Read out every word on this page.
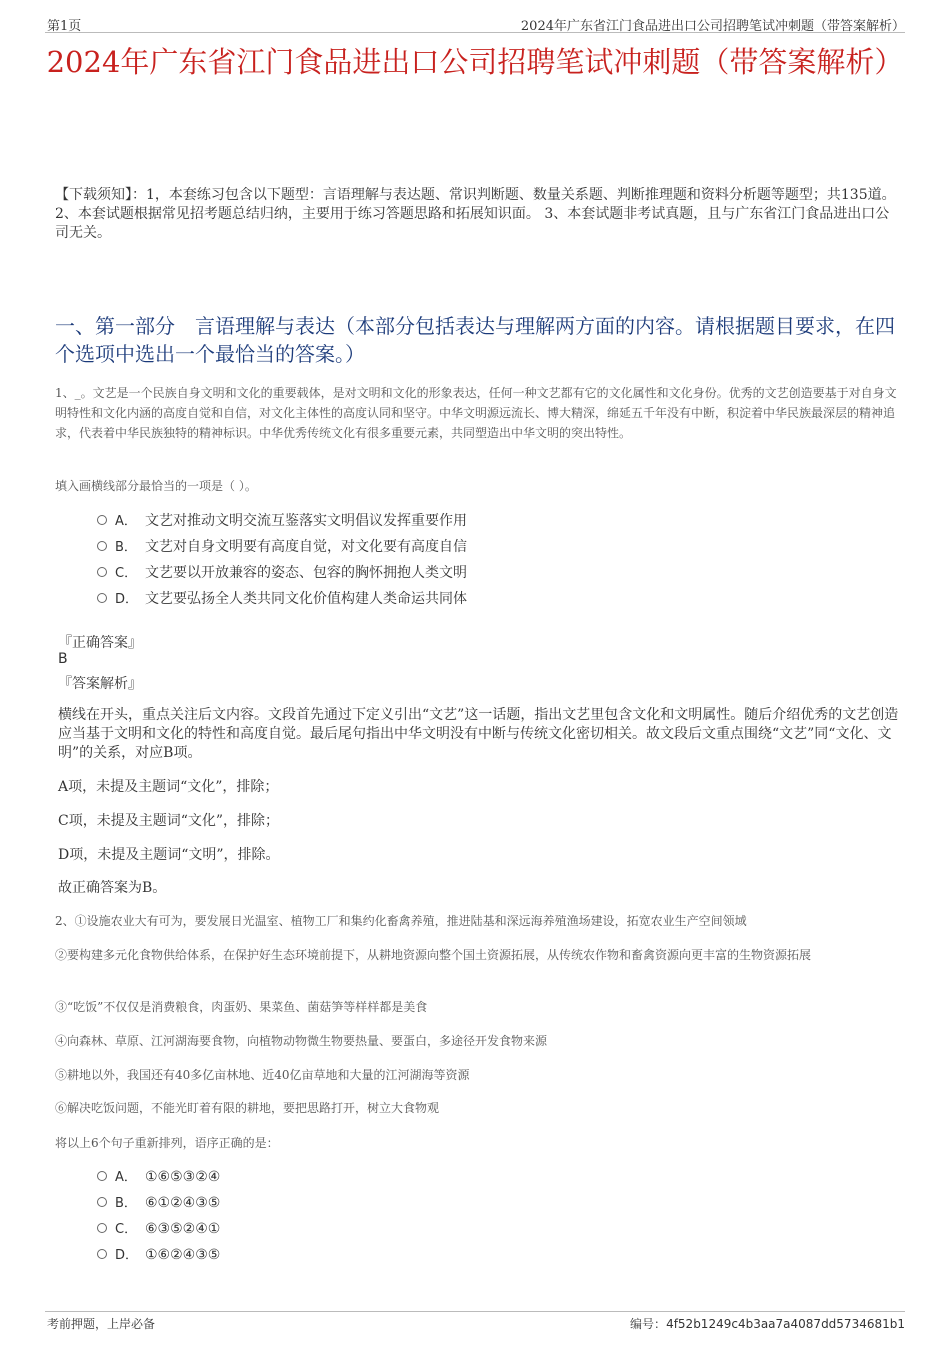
第1页	2024年广东省江门食品进出口公司招聘笔试冲刺题（带答案解析）
2024年广东省江门食品进出口公司招聘笔试冲刺题（带答案解析）
【下载须知】：1，本套练习包含以下题型：言语理解与表达题、常识判断题、数量关系题、判断推理题和资料分析题等题型；共135道。 2、本套试题根据常见招考题总结归纳，主要用于练习答题思路和拓展知识面。 3、本套试题非考试真题，且与广东省江门食品进出口公司无关。
一、第一部分　言语理解与表达（本部分包括表达与理解两方面的内容。请根据题目要求，在四个选项中选出一个最恰当的答案。）
1、_。文艺是一个民族自身文明和文化的重要载体，是对文明和文化的形象表达，任何一种文艺都有它的文化属性和文化身份。优秀的文艺创造要基于对自身文明特性和文化内涵的高度自觉和自信，对文化主体性的高度认同和坚守。中华文明源远流长、博大精深，绵延五千年没有中断，积淀着中华民族最深层的精神追求，代表着中华民族独特的精神标识。中华优秀传统文化有很多重要元素，共同塑造出中华文明的突出特性。
填入画横线部分最恰当的一项是（ ）。
A． 文艺对推动文明交流互鉴落实文明倡议发挥重要作用
B． 文艺对自身文明要有高度自觉，对文化要有高度自信
C． 文艺要以开放兼容的姿态、包容的胸怀拥抱人类文明
D． 文艺要弘扬全人类共同文化价值构建人类命运共同体
『正确答案』
B
『答案解析』
横线在开头，重点关注后文内容。文段首先通过下定义引出“文艺”这一话题，指出文艺里包含文化和文明属性。随后介绍优秀的文艺创造应当基于文明和文化的特性和高度自觉。最后尾句指出中华文明没有中断与传统文化密切相关。故文段后文重点围绕“文艺”同“文化、文明”的关系，对应B项。
A项，未提及主题词“文化”，排除；
C项，未提及主题词“文化”，排除；
D项，未提及主题词“文明”，排除。
故正确答案为B。
2、①设施农业大有可为，要发展日光温室、植物工厂和集约化畜禽养殖，推进陆基和深远海养殖渔场建设，拓宽农业生产空间领域
②要构建多元化食物供给体系，在保护好生态环境前提下，从耕地资源向整个国土资源拓展，从传统农作物和畜禽资源向更丰富的生物资源拓展
③“吃饭”不仅仅是消费粮食，肉蛋奶、果菜鱼、菌菇笋等样样都是美食
④向森林、草原、江河湖海要食物，向植物动物微生物要热量、要蛋白，多途径开发食物来源
⑤耕地以外，我国还有40多亿亩林地、近40亿亩草地和大量的江河湖海等资源
⑥解决吃饭问题，不能光盯着有限的耕地，要把思路打开，树立大食物观
将以上6个句子重新排列，语序正确的是：
A． ①⑥⑤③②④
B． ⑥①②④③⑤
C． ⑥③⑤②④①
D． ①⑥②④③⑤
考前押题，上岸必备	编号：4f52b1249c4b3aa7a4087dd5734681b1
